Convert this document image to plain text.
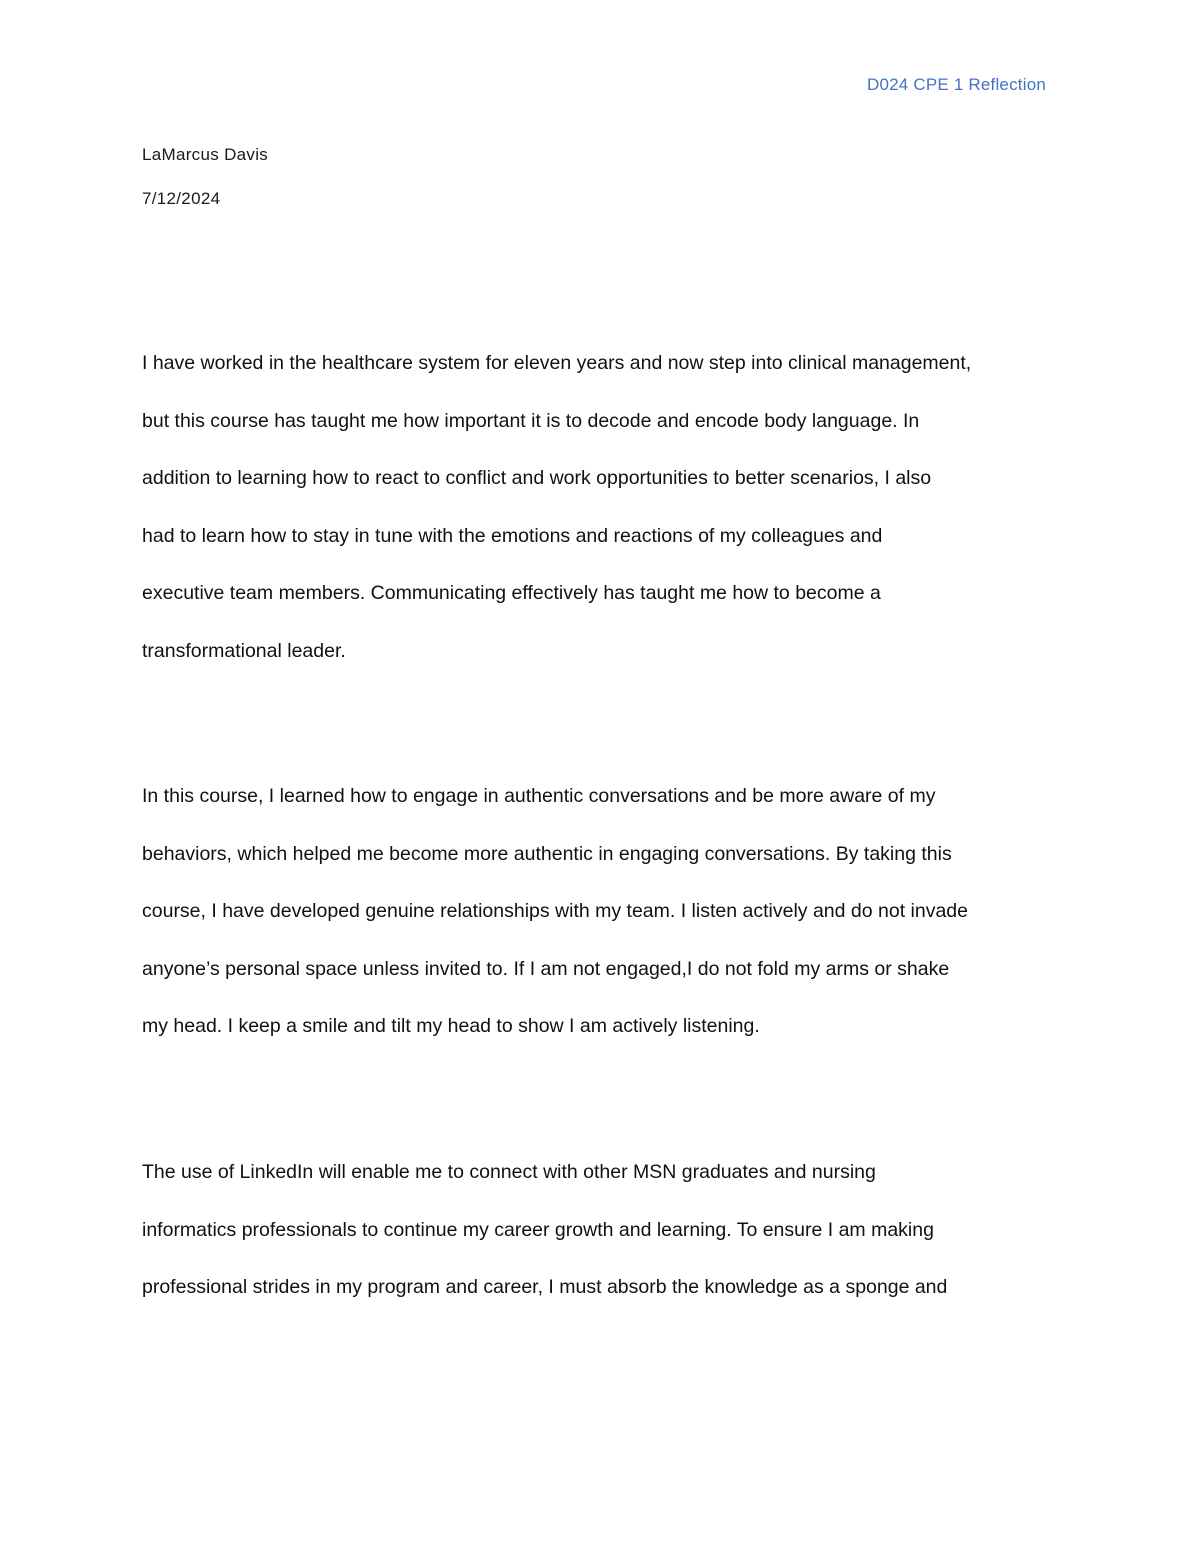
D024 CPE 1 Reflection
LaMarcus Davis
7/12/2024
I have worked in the healthcare system for eleven years and now step into clinical management,
but this course has taught me how important it is to decode and encode body language. In
addition to learning how to react to conflict and work opportunities to better scenarios, I also
had to learn how to stay in tune with the emotions and reactions of my colleagues and
executive team members. Communicating effectively has taught me how to become a
transformational leader.
In this course, I learned how to engage in authentic conversations and be more aware of my
behaviors, which helped me become more authentic in engaging conversations. By taking this
course, I have developed genuine relationships with my team. I listen actively and do not invade
anyone’s personal space unless invited to. If I am not engaged,I do not fold my arms or shake
my head. I keep a smile and tilt my head to show I am actively listening.
The use of LinkedIn will enable me to connect with other MSN graduates and nursing
informatics professionals to continue my career growth and learning. To ensure I am making
professional strides in my program and career, I must absorb the knowledge as a sponge and
